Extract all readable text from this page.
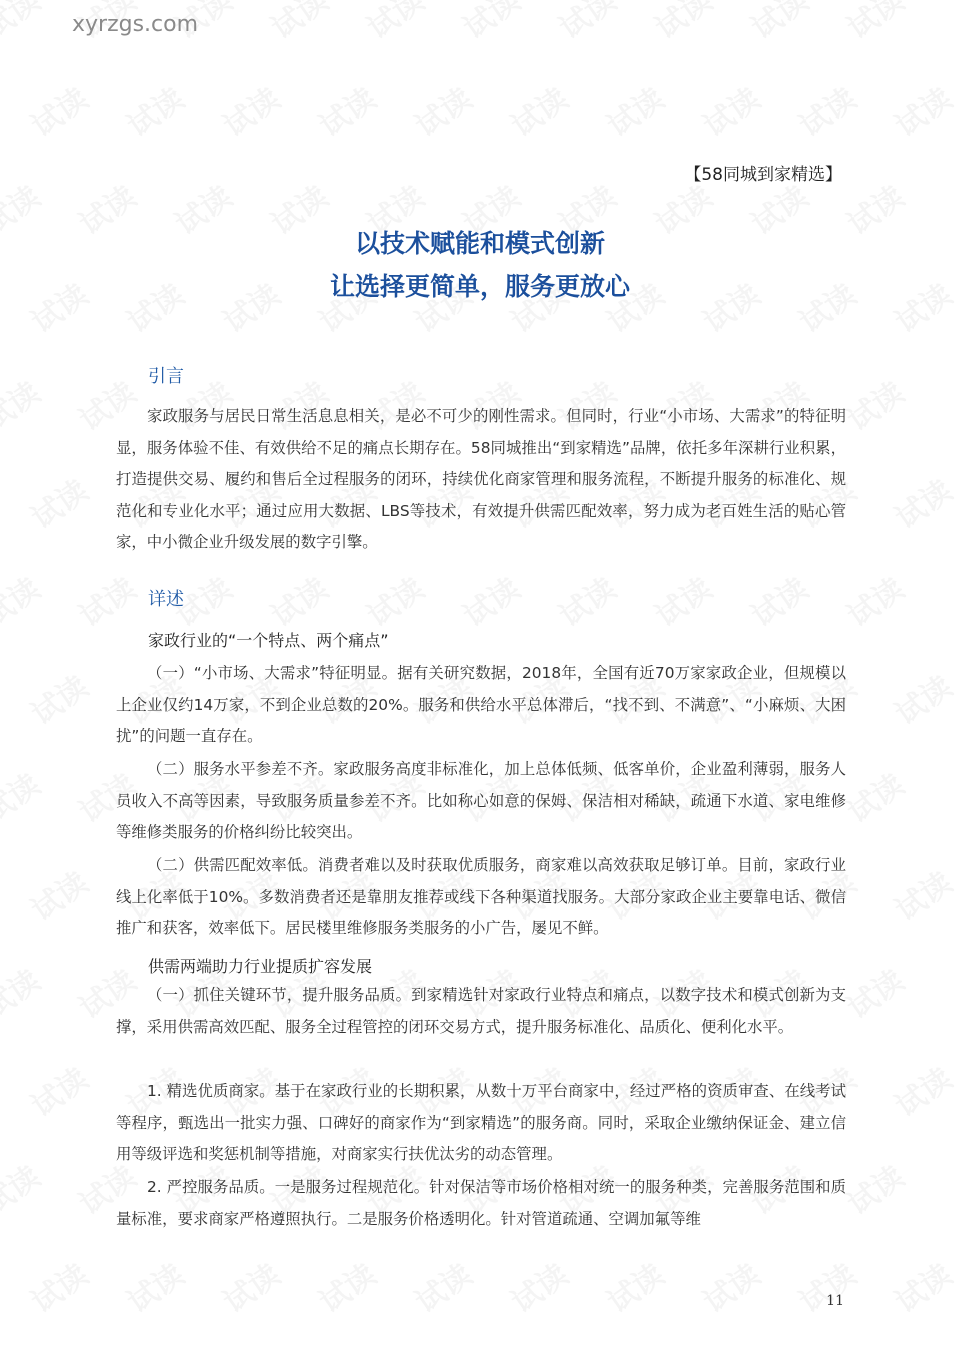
xyrzgs.com
【58同城到家精选】
以技术赋能和模式创新
让选择更简单，服务更放心
引言
家政服务与居民日常生活息息相关，是必不可少的刚性需求。但同时，行业“小市场、大需求”的特征明显，服务体验不佳、有效供给不足的痛点长期存在。58同城推出“到家精选”品牌，依托多年深耕行业积累，打造提供交易、履约和售后全过程服务的闭环，持续优化商家管理和服务流程，不断提升服务的标准化、规范化和专业化水平；通过应用大数据、LBS等技术，有效提升供需匹配效率，努力成为老百姓生活的贴心管家，中小微企业升级发展的数字引擎。
详述
家政行业的“一个特点、两个痛点”
（一）“小市场、大需求”特征明显。据有关研究数据，2018年，全国有近70万家家政企业，但规模以上企业仅约14万家，不到企业总数的20%。服务和供给水平总体滞后，“找不到、不满意”、“小麻烦、大困扰”的问题一直存在。
（二）服务水平参差不齐。家政服务高度非标准化，加上总体低频、低客单价，企业盈利薄弱，服务人员收入不高等因素，导致服务质量参差不齐。比如称心如意的保姆、保洁相对稀缺，疏通下水道、家电维修等维修类服务的价格纠纷比较突出。
（二）供需匹配效率低。消费者难以及时获取优质服务，商家难以高效获取足够订单。目前，家政行业线上化率低于10%。多数消费者还是靠朋友推荐或线下各种渠道找服务。大部分家政企业主要靠电话、微信推广和获客，效率低下。居民楼里维修服务类服务的小广告，屡见不鲜。
供需两端助力行业提质扩容发展
（一）抓住关键环节，提升服务品质。到家精选针对家政行业特点和痛点，以数字技术和模式创新为支撑，采用供需高效匹配、服务全过程管控的闭环交易方式，提升服务标准化、品质化、便利化水平。
1. 精选优质商家。基于在家政行业的长期积累，从数十万平台商家中，经过严格的资质审查、在线考试等程序，甄选出一批实力强、口碑好的商家作为“到家精选”的服务商。同时，采取企业缴纳保证金、建立信用等级评选和奖惩机制等措施，对商家实行扶优汰劣的动态管理。
2. 严控服务品质。一是服务过程规范化。针对保洁等市场价格相对统一的服务种类，完善服务范围和质量标准，要求商家严格遵照执行。二是服务价格透明化。针对管道疏通、空调加氟等维
11
